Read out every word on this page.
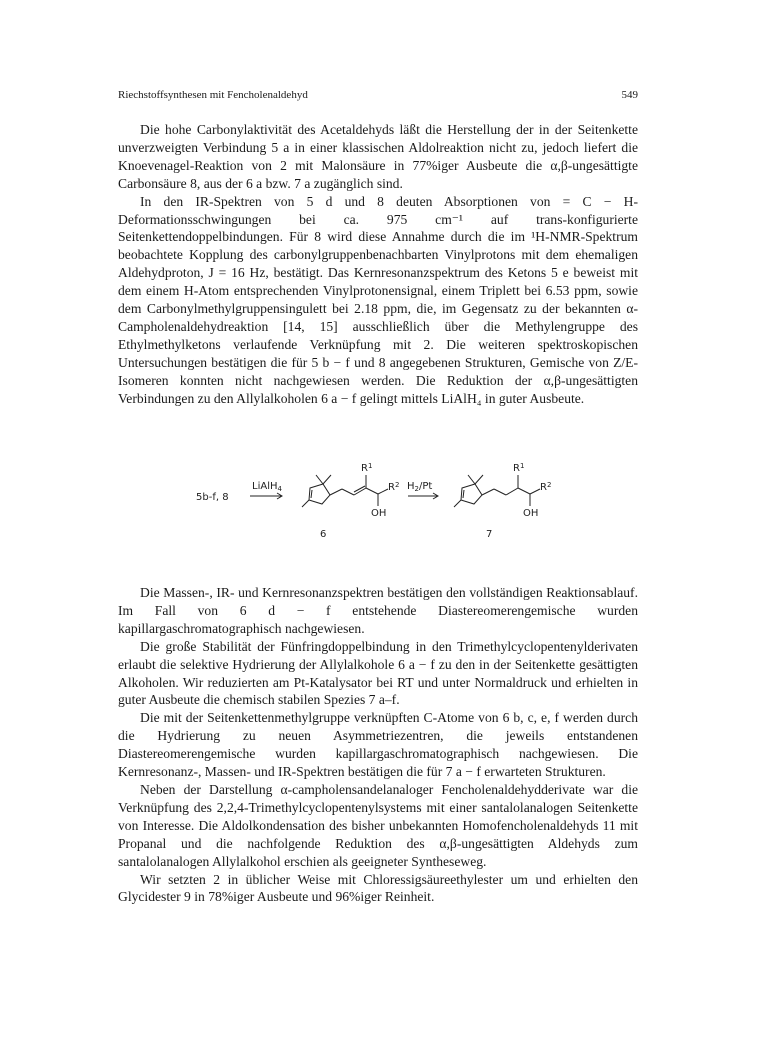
Riechstoffsynthesen mit Fencholenaldehyd	549

Die hohe Carbonylaktivität des Acetaldehyds läßt die Herstellung der in der Seitenkette unverzweigten Verbindung 5 a in einer klassischen Aldolreaktion nicht zu, jedoch liefert die Knoevenagel-Reaktion von 2 mit Malonsäure in 77%iger Ausbeute die α,β-ungesättigte Carbonsäure 8, aus der 6 a bzw. 7 a zugänglich sind.

In den IR-Spektren von 5 d und 8 deuten Absorptionen von = C − H-Deformationsschwingungen bei ca. 975 cm⁻¹ auf trans-konfigurierte Seitenkettendoppelbindungen. Für 8 wird diese Annahme durch die im ¹H-NMR-Spektrum beobachtete Kopplung des carbonylgruppenbenachbarten Vinylprotons mit dem ehemaligen Aldehydproton, J = 16 Hz, bestätigt. Das Kernresonanzspektrum des Ketons 5 e beweist mit dem einem H-Atom entsprechenden Vinylprotonensignal, einem Triplett bei 6.53 ppm, sowie dem Carbonylmethylgruppensingulett bei 2.18 ppm, die, im Gegensatz zu der bekannten α-Campholenaldehydreaktion [14, 15] ausschließlich über die Methylengruppe des Ethylmethylketons verlaufende Verknüpfung mit 2. Die weiteren spektroskopischen Untersuchungen bestätigen die für 5 b − f und 8 angegebenen Strukturen, Gemische von Z/E-Isomeren konnten nicht nachgewiesen werden. Die Reduktion der α,β-ungesättigten Verbindungen zu den Allylalkoholen 6 a − f gelingt mittels LiAlH₄ in guter Ausbeute.

5b-f, 8
LiAlH$_4$
$R^1$
$R^2$
OH
$H_2/Pt$
$R^1$
$R^2$
OH
6	7

Die Massen-, IR- und Kernresonanzspektren bestätigen den vollständigen Reaktionsablauf. Im Fall von 6 d − f entstehende Diastereomerengemische wurden kapillargaschromatographisch nachgewiesen.

Die große Stabilität der Fünfringdoppelbindung in den Trimethylcyclopentenylderivaten erlaubt die selektive Hydrierung der Allylalkohole 6 a − f zu den in der Seitenkette gesättigten Alkoholen. Wir reduzierten am Pt-Katalysator bei RT und unter Normaldruck und erhielten in guter Ausbeute die chemisch stabilen Spezies 7 a–f.

Die mit der Seitenkettenmethylgruppe verknüpften C-Atome von 6 b, c, e, f werden durch die Hydrierung zu neuen Asymmetriezentren, die jeweils entstandenen Diastereomerengemische wurden kapillargaschromatographisch nachgewiesen. Die Kernresonanz-, Massen- und IR-Spektren bestätigen die für 7 a − f erwarteten Strukturen.

Neben der Darstellung α-campholensandelanaloger Fencholenaldehydderivate war die Verknüpfung des 2,2,4-Trimethylcyclopentenylsystems mit einer santalolanalogen Seitenkette von Interesse. Die Aldolkondensation des bisher unbekannten Homofencholenaldehyds 11 mit Propanal und die nachfolgende Reduktion des α,β-ungesättigten Aldehyds zum santalolanalogen Allylalkohol erschien als geeigneter Syntheseweg.

Wir setzten 2 in üblicher Weise mit Chloressigsäureethylester um und erhielten den Glycidester 9 in 78%iger Ausbeute und 96%iger Reinheit.
